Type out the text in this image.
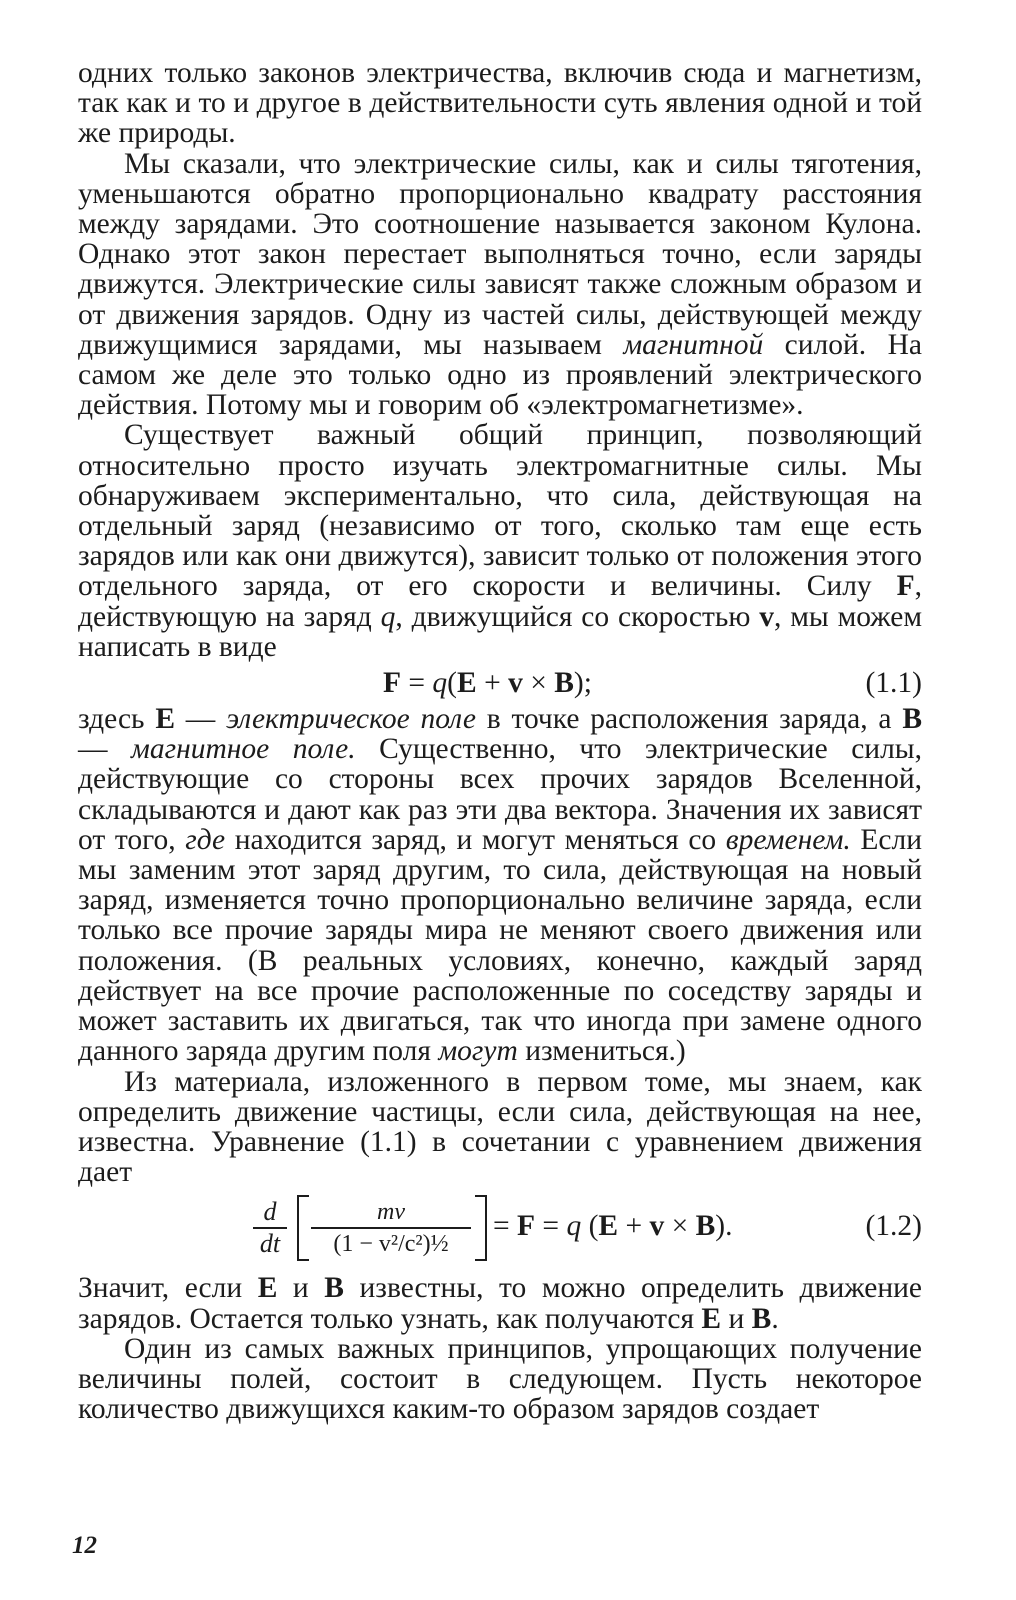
одних только законов электричества, включив сюда и магнетизм, так как и то и другое в действительности суть явления одной и той же природы.

Мы сказали, что электрические силы, как и силы тяготения, уменьшаются обратно пропорционально квадрату расстояния между зарядами. Это соотношение называется законом Кулона. Однако этот закон перестает выполняться точно, если заряды движутся. Электрические силы зависят также сложным образом и от движения зарядов. Одну из частей силы, действующей между движущимися зарядами, мы называем магнитной силой. На самом же деле это только одно из проявлений электрического действия. Потому мы и говорим об «электромагнетизме».

Существует важный общий принцип, позволяющий относительно просто изучать электромагнитные силы. Мы обнаруживаем экспериментально, что сила, действующая на отдельный заряд (независимо от того, сколько там еще есть зарядов или как они движутся), зависит только от положения этого отдельного заряда, от его скорости и величины. Силу F, действующую на заряд q, движущийся со скоростью v, мы можем написать в виде

F = q(E + v × B);	(1.1)

здесь E — электрическое поле в точке расположения заряда, а B — магнитное поле. Существенно, что электрические силы, действующие со стороны всех прочих зарядов Вселенной, складываются и дают как раз эти два вектора. Значения их зависят от того, где находится заряд, и могут меняться со временем. Если мы заменим этот заряд другим, то сила, действующая на новый заряд, изменяется точно пропорционально величине заряда, если только все прочие заряды мира не меняют своего движения или положения. (В реальных условиях, конечно, каждый заряд действует на все прочие расположенные по соседству заряды и может заставить их двигаться, так что иногда при замене одного данного заряда другим поля могут измениться.)

Из материала, изложенного в первом томе, мы знаем, как определить движение частицы, если сила, действующая на нее, известна. Уравнение (1.1) в сочетании с уравнением движения дает

$\frac{d}{dt} \frac{mv}{\text{(1 − v²/c²)½}} = F = q$ (E + v × B).	(1.2)

Значит, если E и B известны, то можно определить движение зарядов. Остается только узнать, как получаются E и B.

Один из самых важных принципов, упрощающих получение величины полей, состоит в следующем. Пусть некоторое количество движущихся каким-то образом зарядов создает

12
